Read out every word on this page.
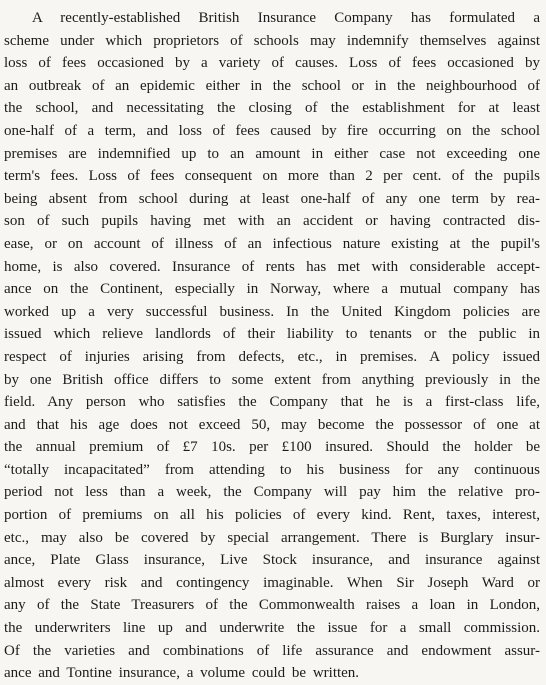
A recently-established British Insurance Company has formulated a
scheme under which proprietors of schools may indemnify themselves against
loss of fees occasioned by a variety of causes. Loss of fees occasioned by
an outbreak of an epidemic either in the school or in the neighbourhood of
the school, and necessitating the closing of the establishment for at least
one-half of a term, and loss of fees caused by fire occurring on the school
premises are indemnified up to an amount in either case not exceeding one
term's fees. Loss of fees consequent on more than 2 per cent. of the pupils
being absent from school during at least one-half of any one term by rea-
son of such pupils having met with an accident or having contracted dis-
ease, or on account of illness of an infectious nature existing at the pupil's
home, is also covered. Insurance of rents has met with considerable accept-
ance on the Continent, especially in Norway, where a mutual company has
worked up a very successful business. In the United Kingdom policies are
issued which relieve landlords of their liability to tenants or the public in
respect of injuries arising from defects, etc., in premises. A policy issued
by one British office differs to some extent from anything previously in the
field. Any person who satisfies the Company that he is a first-class life,
and that his age does not exceed 50, may become the possessor of one at
the annual premium of £7 10s. per £100 insured. Should the holder be
“totally incapacitated” from attending to his business for any continuous
period not less than a week, the Company will pay him the relative pro-
portion of premiums on all his policies of every kind. Rent, taxes, interest,
etc., may also be covered by special arrangement. There is Burglary insur-
ance, Plate Glass insurance, Live Stock insurance, and insurance against
almost every risk and contingency imaginable. When Sir Joseph Ward or
any of the State Treasurers of the Commonwealth raises a loan in London,
the underwriters line up and underwrite the issue for a small commission.
Of the varieties and combinations of life assurance and endowment assur-
ance and Tontine insurance, a volume could be written.
